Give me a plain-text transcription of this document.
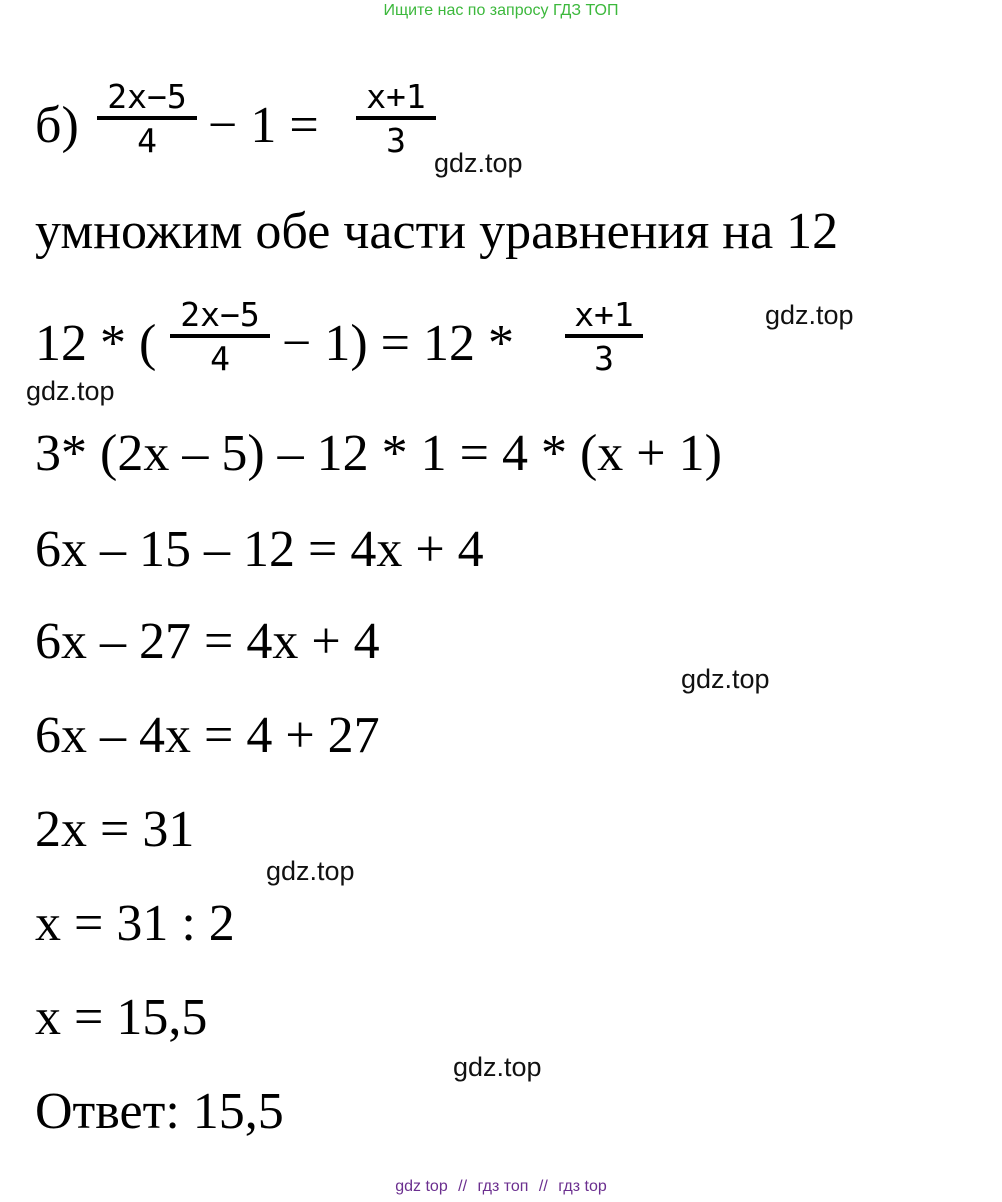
Ищите нас по запросу ГДЗ ТОП
б)
2x−5
4 − 1 =
x+1
3
умножим обе части уравнения на 12
12 * (
2x−5
4	− 1) = 12 *
x+1
3
3* (2x – 5) – 12 * 1 = 4 * (x + 1)
6x – 15 – 12 = 4x + 4
6x – 27 = 4x + 4
6x – 4x = 4 + 27
2x = 31
x = 31 : 2
x = 15,5
Ответ: 15,5
gdz.top
gdz.top
gdz.top
gdz.top
gdz.top
gdz.top
gdz top // гдз топ // гдз top
